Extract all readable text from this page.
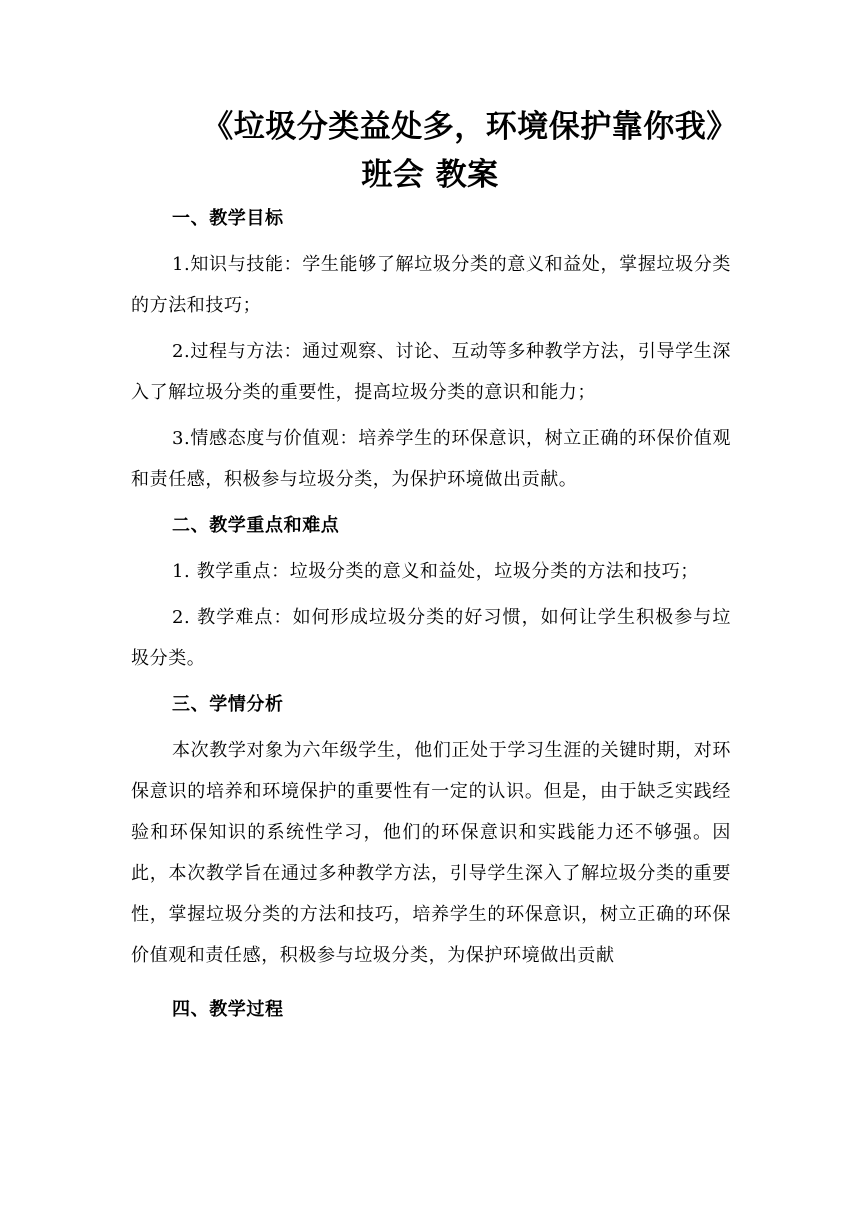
《垃圾分类益处多，环境保护靠你我》
班会 教案
一、教学目标

1.知识与技能：学生能够了解垃圾分类的意义和益处，掌握垃圾分类的方法和技巧；

2.过程与方法：通过观察、讨论、互动等多种教学方法，引导学生深入了解垃圾分类的重要性，提高垃圾分类的意识和能力；

3.情感态度与价值观：培养学生的环保意识，树立正确的环保价值观和责任感，积极参与垃圾分类，为保护环境做出贡献。

二、教学重点和难点

1. 教学重点：垃圾分类的意义和益处，垃圾分类的方法和技巧；

2. 教学难点：如何形成垃圾分类的好习惯，如何让学生积极参与垃圾分类。

三、学情分析

本次教学对象为六年级学生，他们正处于学习生涯的关键时期，对环保意识的培养和环境保护的重要性有一定的认识。但是，由于缺乏实践经验和环保知识的系统性学习，他们的环保意识和实践能力还不够强。因此，本次教学旨在通过多种教学方法，引导学生深入了解垃圾分类的重要性，掌握垃圾分类的方法和技巧，培养学生的环保意识，树立正确的环保价值观和责任感，积极参与垃圾分类，为保护环境做出贡献

四、教学过程
